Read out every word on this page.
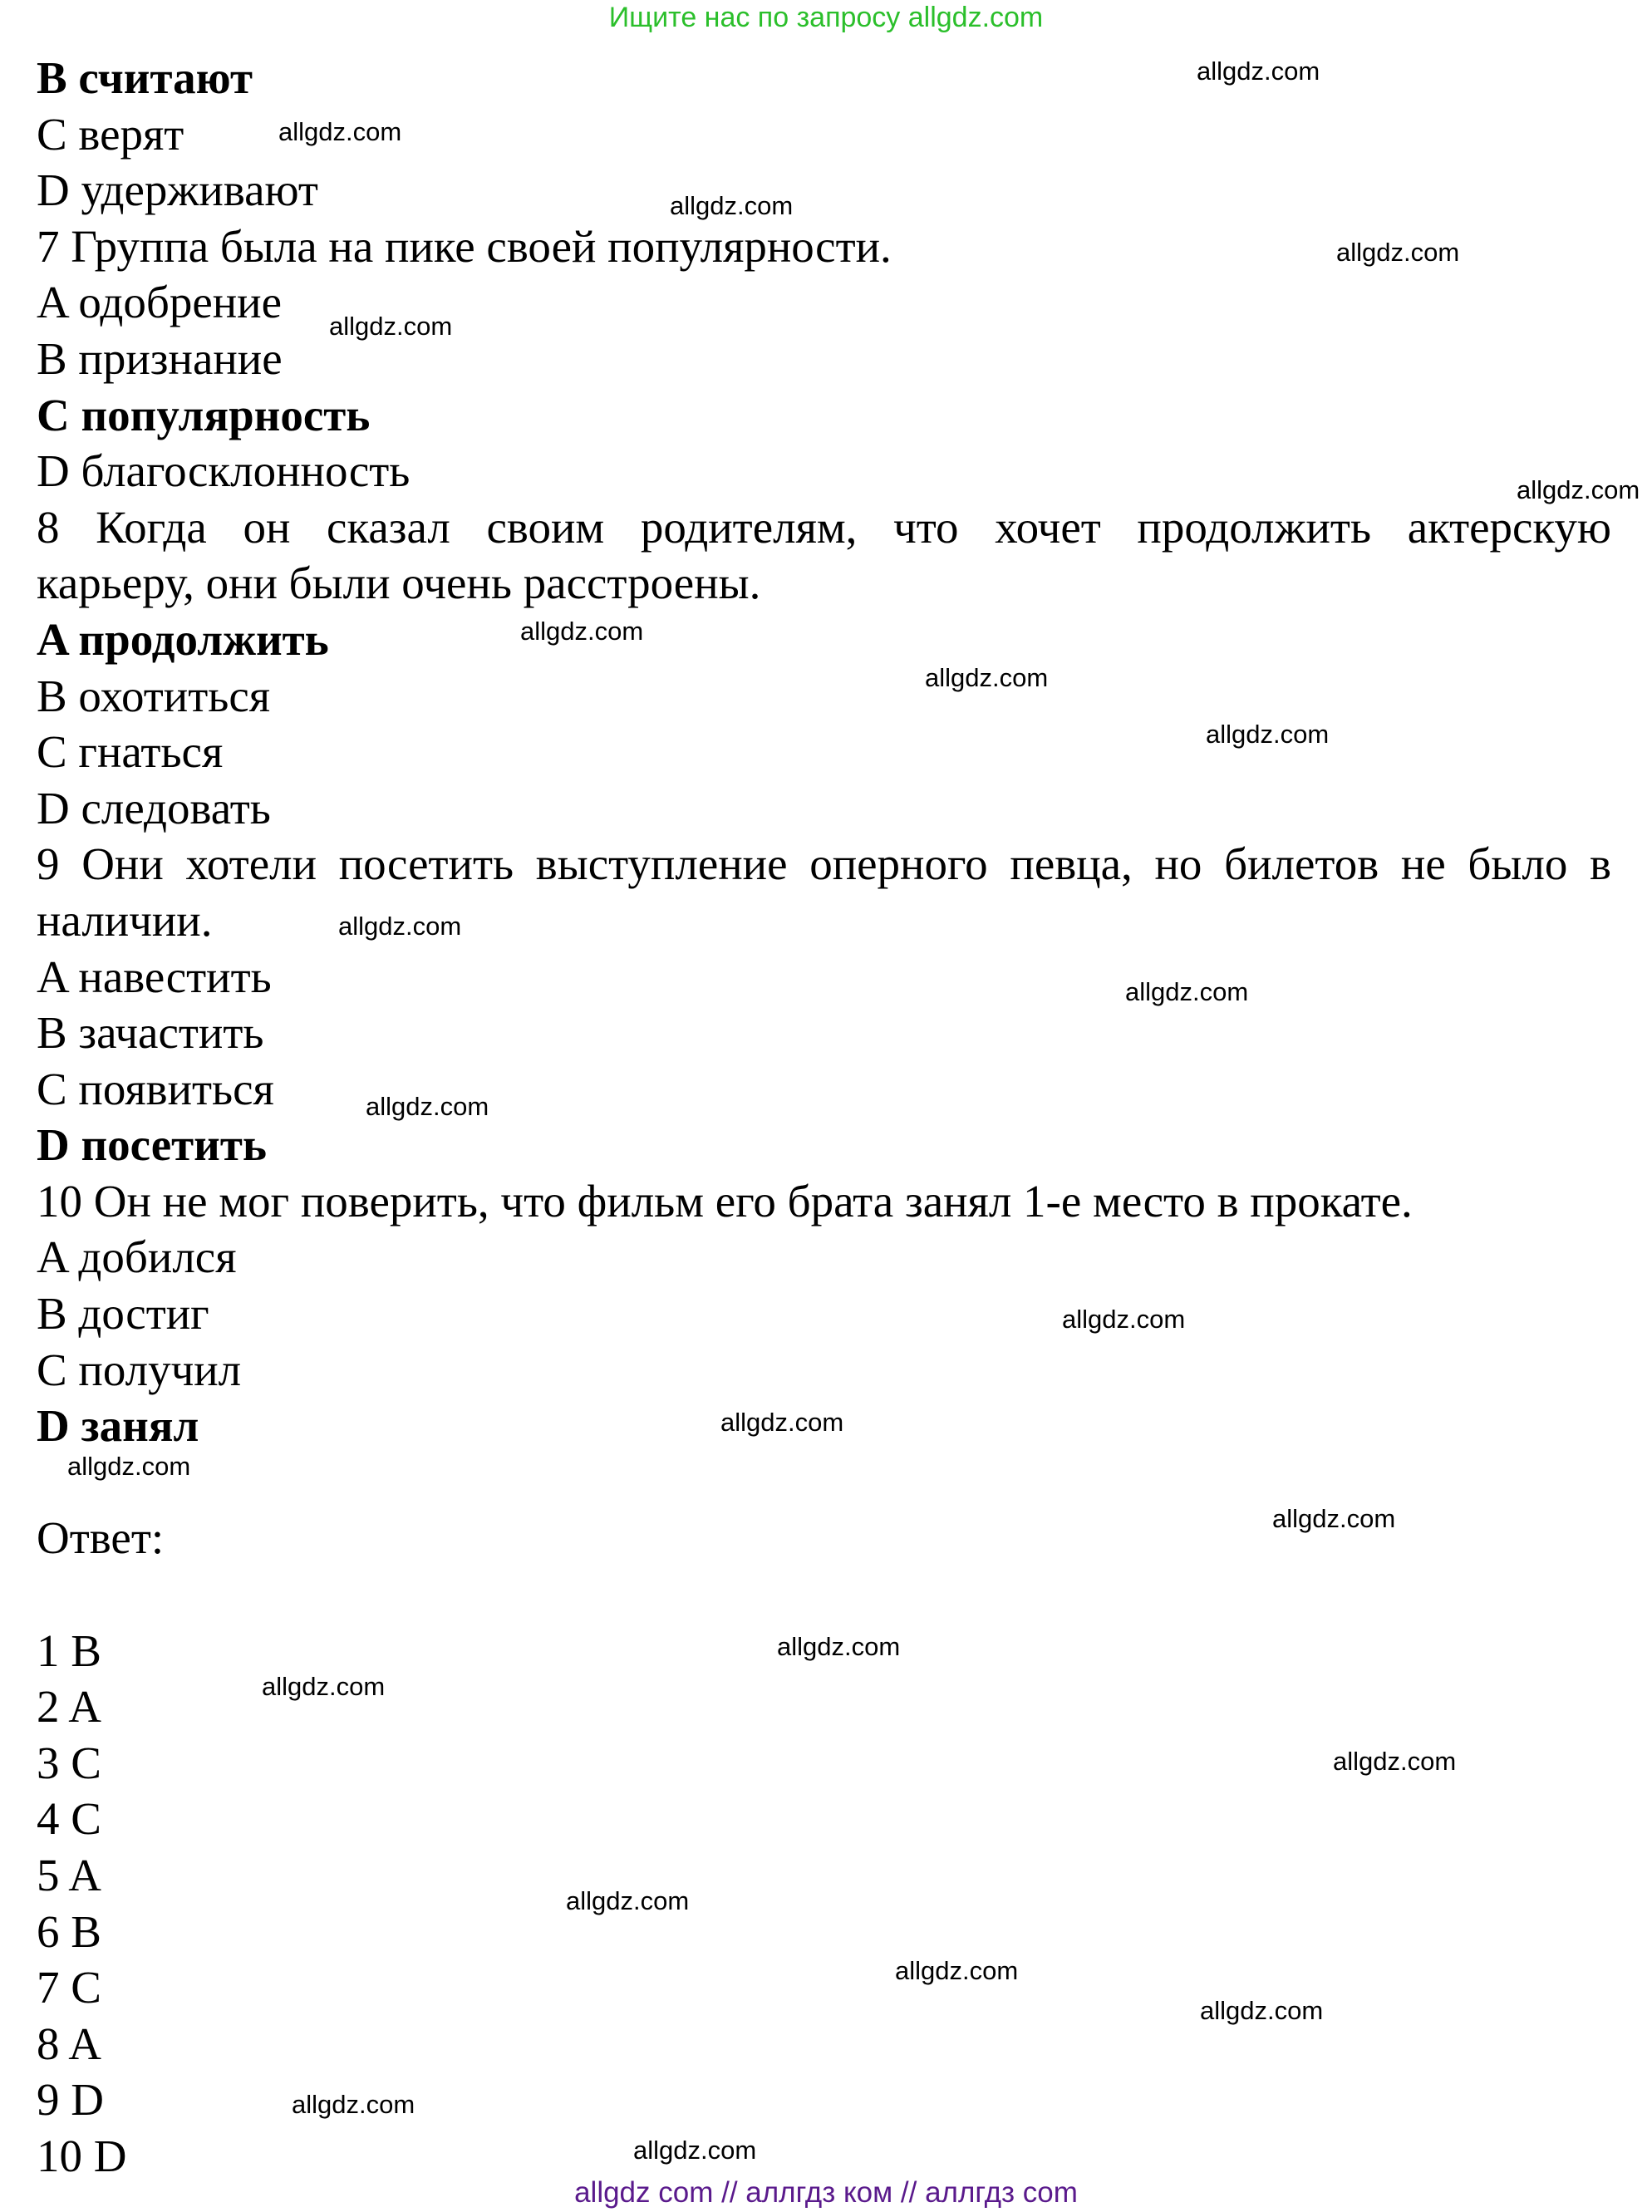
Ищите нас по запросу allgdz.com
B считают
C верят
D удерживают
7 Группа была на пике своей популярности.
A одобрение
B признание
C популярность
D благосклонность
8 Когда он сказал своим родителям, что хочет продолжить актерскую
карьеру, они были очень расстроены.
A продолжить
B охотиться
C гнаться
D следовать
9 Они хотели посетить выступление оперного певца, но билетов не было в
наличии.
A навестить
B зачастить
C появиться
D посетить
10 Он не мог поверить, что фильм его брата занял 1-е место в прокате.
A добился
B достиг
C получил
D занял
Ответ:
1 B
2 A
3 C
4 C
5 A
6 B
7 C
8 A
9 D
10 D
allgdz.com
allgdz.com
allgdz.com
allgdz.com
allgdz.com
allgdz.com
allgdz.com
allgdz.com
allgdz.com
allgdz.com
allgdz.com
allgdz.com
allgdz.com
allgdz.com
allgdz.com
allgdz.com
allgdz.com
allgdz.com
allgdz.com
allgdz.com
allgdz.com
allgdz.com
allgdz.com
allgdz.com
allgdz com // аллгдз ком // аллгдз com
